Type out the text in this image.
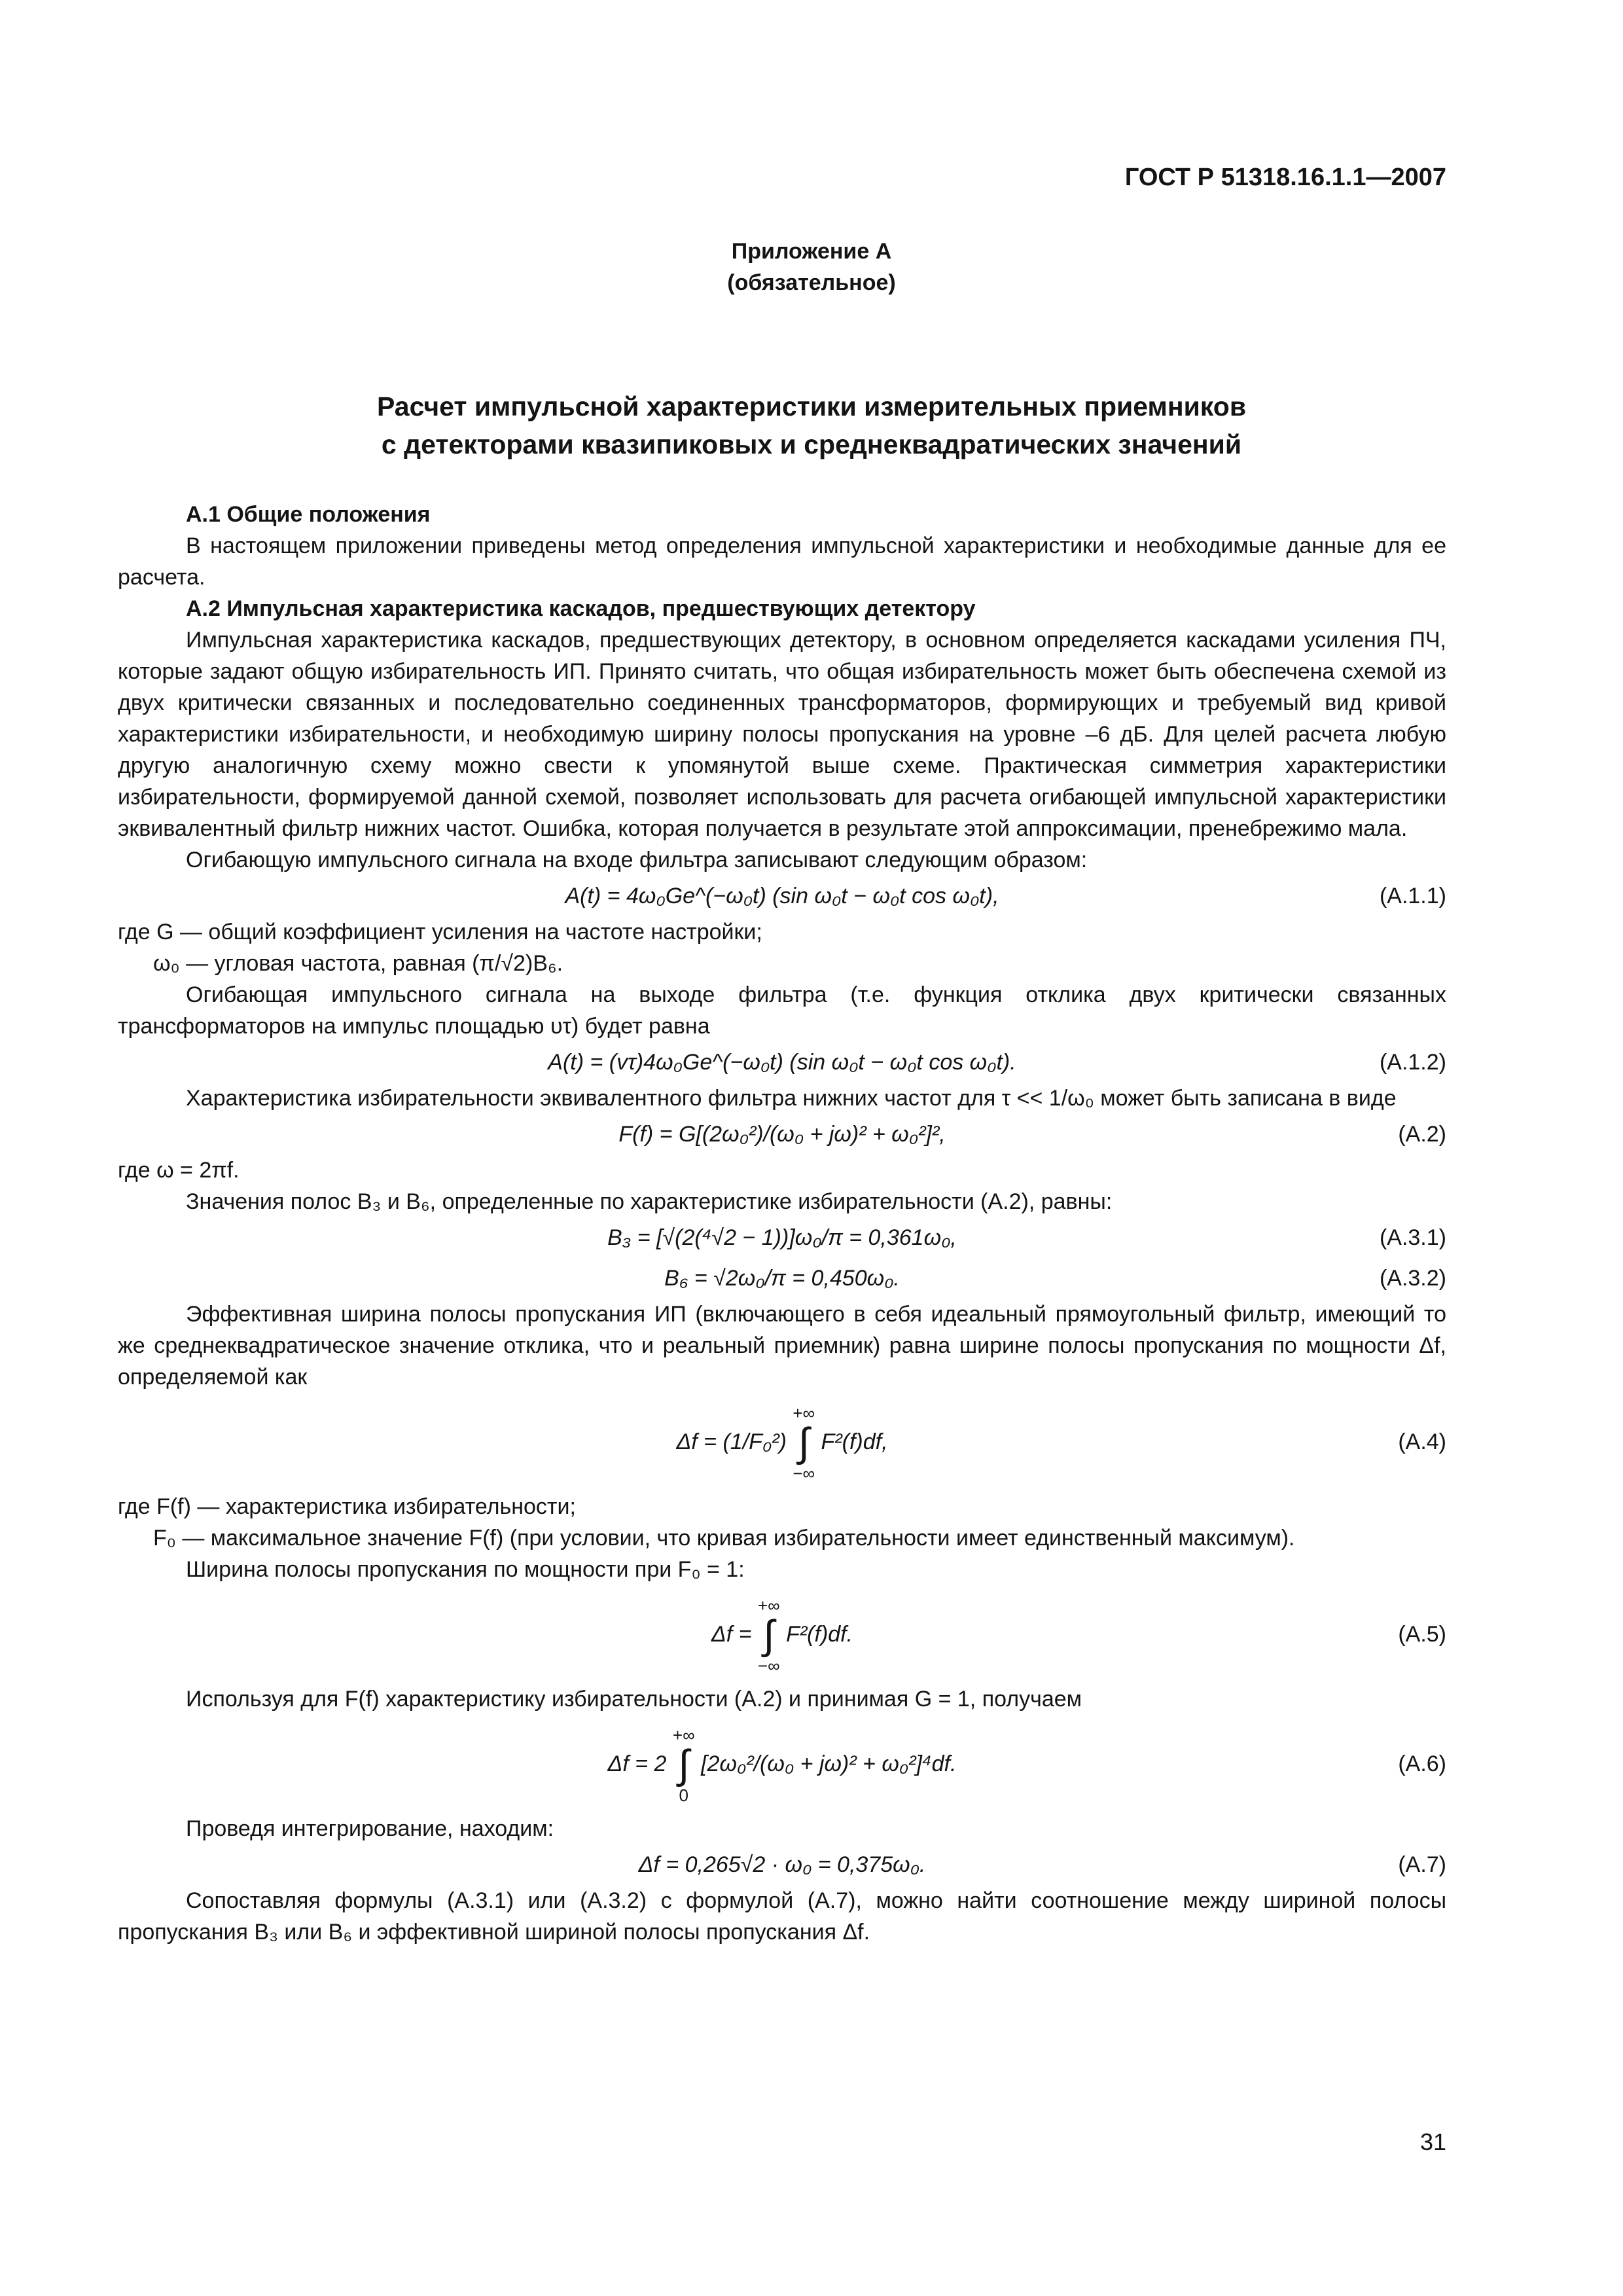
ГОСТ Р 51318.16.1.1—2007
Приложение А
(обязательное)
Расчет импульсной характеристики измерительных приемников
с детекторами квазипиковых и среднеквадратических значений

А.1 Общие положения

В настоящем приложении приведены метод определения импульсной характеристики и необходимые данные для ее расчета.

А.2 Импульсная характеристика каскадов, предшествующих детектору

Импульсная характеристика каскадов, предшествующих детектору, в основном определяется каскадами усиления ПЧ, которые задают общую избирательность ИП. Принято считать, что общая избирательность может быть обеспечена схемой из двух критически связанных и последовательно соединенных трансформаторов, формирующих и требуемый вид кривой характеристики избирательности, и необходимую ширину полосы пропускания на уровне –6 дБ. Для целей расчета любую другую аналогичную схему можно свести к упомянутой выше схеме. Практическая симметрия характеристики избирательности, формируемой данной схемой, позволяет использовать для расчета огибающей импульсной характеристики эквивалентный фильтр нижних частот. Ошибка, которая получается в результате этой аппроксимации, пренебрежимо мала.

Огибающую импульсного сигнала на входе фильтра записывают следующим образом:

A(t) = 4ω₀Ge^(−ω₀t) (sin ω₀t − ω₀t cos ω₀t),	(А.1.1)

где G — общий коэффициент усиления на частоте настройки;

ω₀ — угловая частота, равная (π/√2)B₆.

Огибающая импульсного сигнала на выходе фильтра (т.е. функция отклика двух критически связанных трансформаторов на импульс площадью υτ) будет равна

A(t) = (vτ)4ω₀Ge^(−ω₀t) (sin ω₀t − ω₀t cos ω₀t).	(А.1.2)

Характеристика избирательности эквивалентного фильтра нижних частот для τ << 1/ω₀ может быть записана в виде

F(f) = G[(2ω₀²)/(ω₀ + jω)² + ω₀²]²,	(А.2)

где ω = 2πf.

Значения полос B₃ и B₆, определенные по характеристике избирательности (А.2), равны:

B₃ = [√(2(⁴√2 − 1))]ω₀/π = 0,361ω₀,	(А.3.1)
B₆ = √2ω₀/π = 0,450ω₀.	(А.3.2)

Эффективная ширина полосы пропускания ИП (включающего в себя идеальный прямоугольный фильтр, имеющий то же среднеквадратическое значение отклика, что и реальный приемник) равна ширине полосы пропускания по мощности Δf, определяемой как

Δf = (1/F₀²)
+∞
∫
−∞
F²(f)df,	(А.4)

где F(f) — характеристика избирательности;

F₀ — максимальное значение F(f) (при условии, что кривая избирательности имеет единственный максимум).

Ширина полосы пропускания по мощности при F₀ = 1:

Δf =
+∞
∫
−∞
F²(f)df.	(А.5)

Используя для F(f) характеристику избирательности (А.2) и принимая G = 1, получаем

Δf = 2
+∞
∫
0
[2ω₀²/(ω₀ + jω)² + ω₀²]⁴df.	(А.6)

Проведя интегрирование, находим:

Δf = 0,265√2 · ω₀ = 0,375ω₀.	(А.7)

Сопоставляя формулы (А.3.1) или (А.3.2) с формулой (А.7), можно найти соотношение между шириной полосы пропускания B₃ или B₆ и эффективной шириной полосы пропускания Δf.

31
